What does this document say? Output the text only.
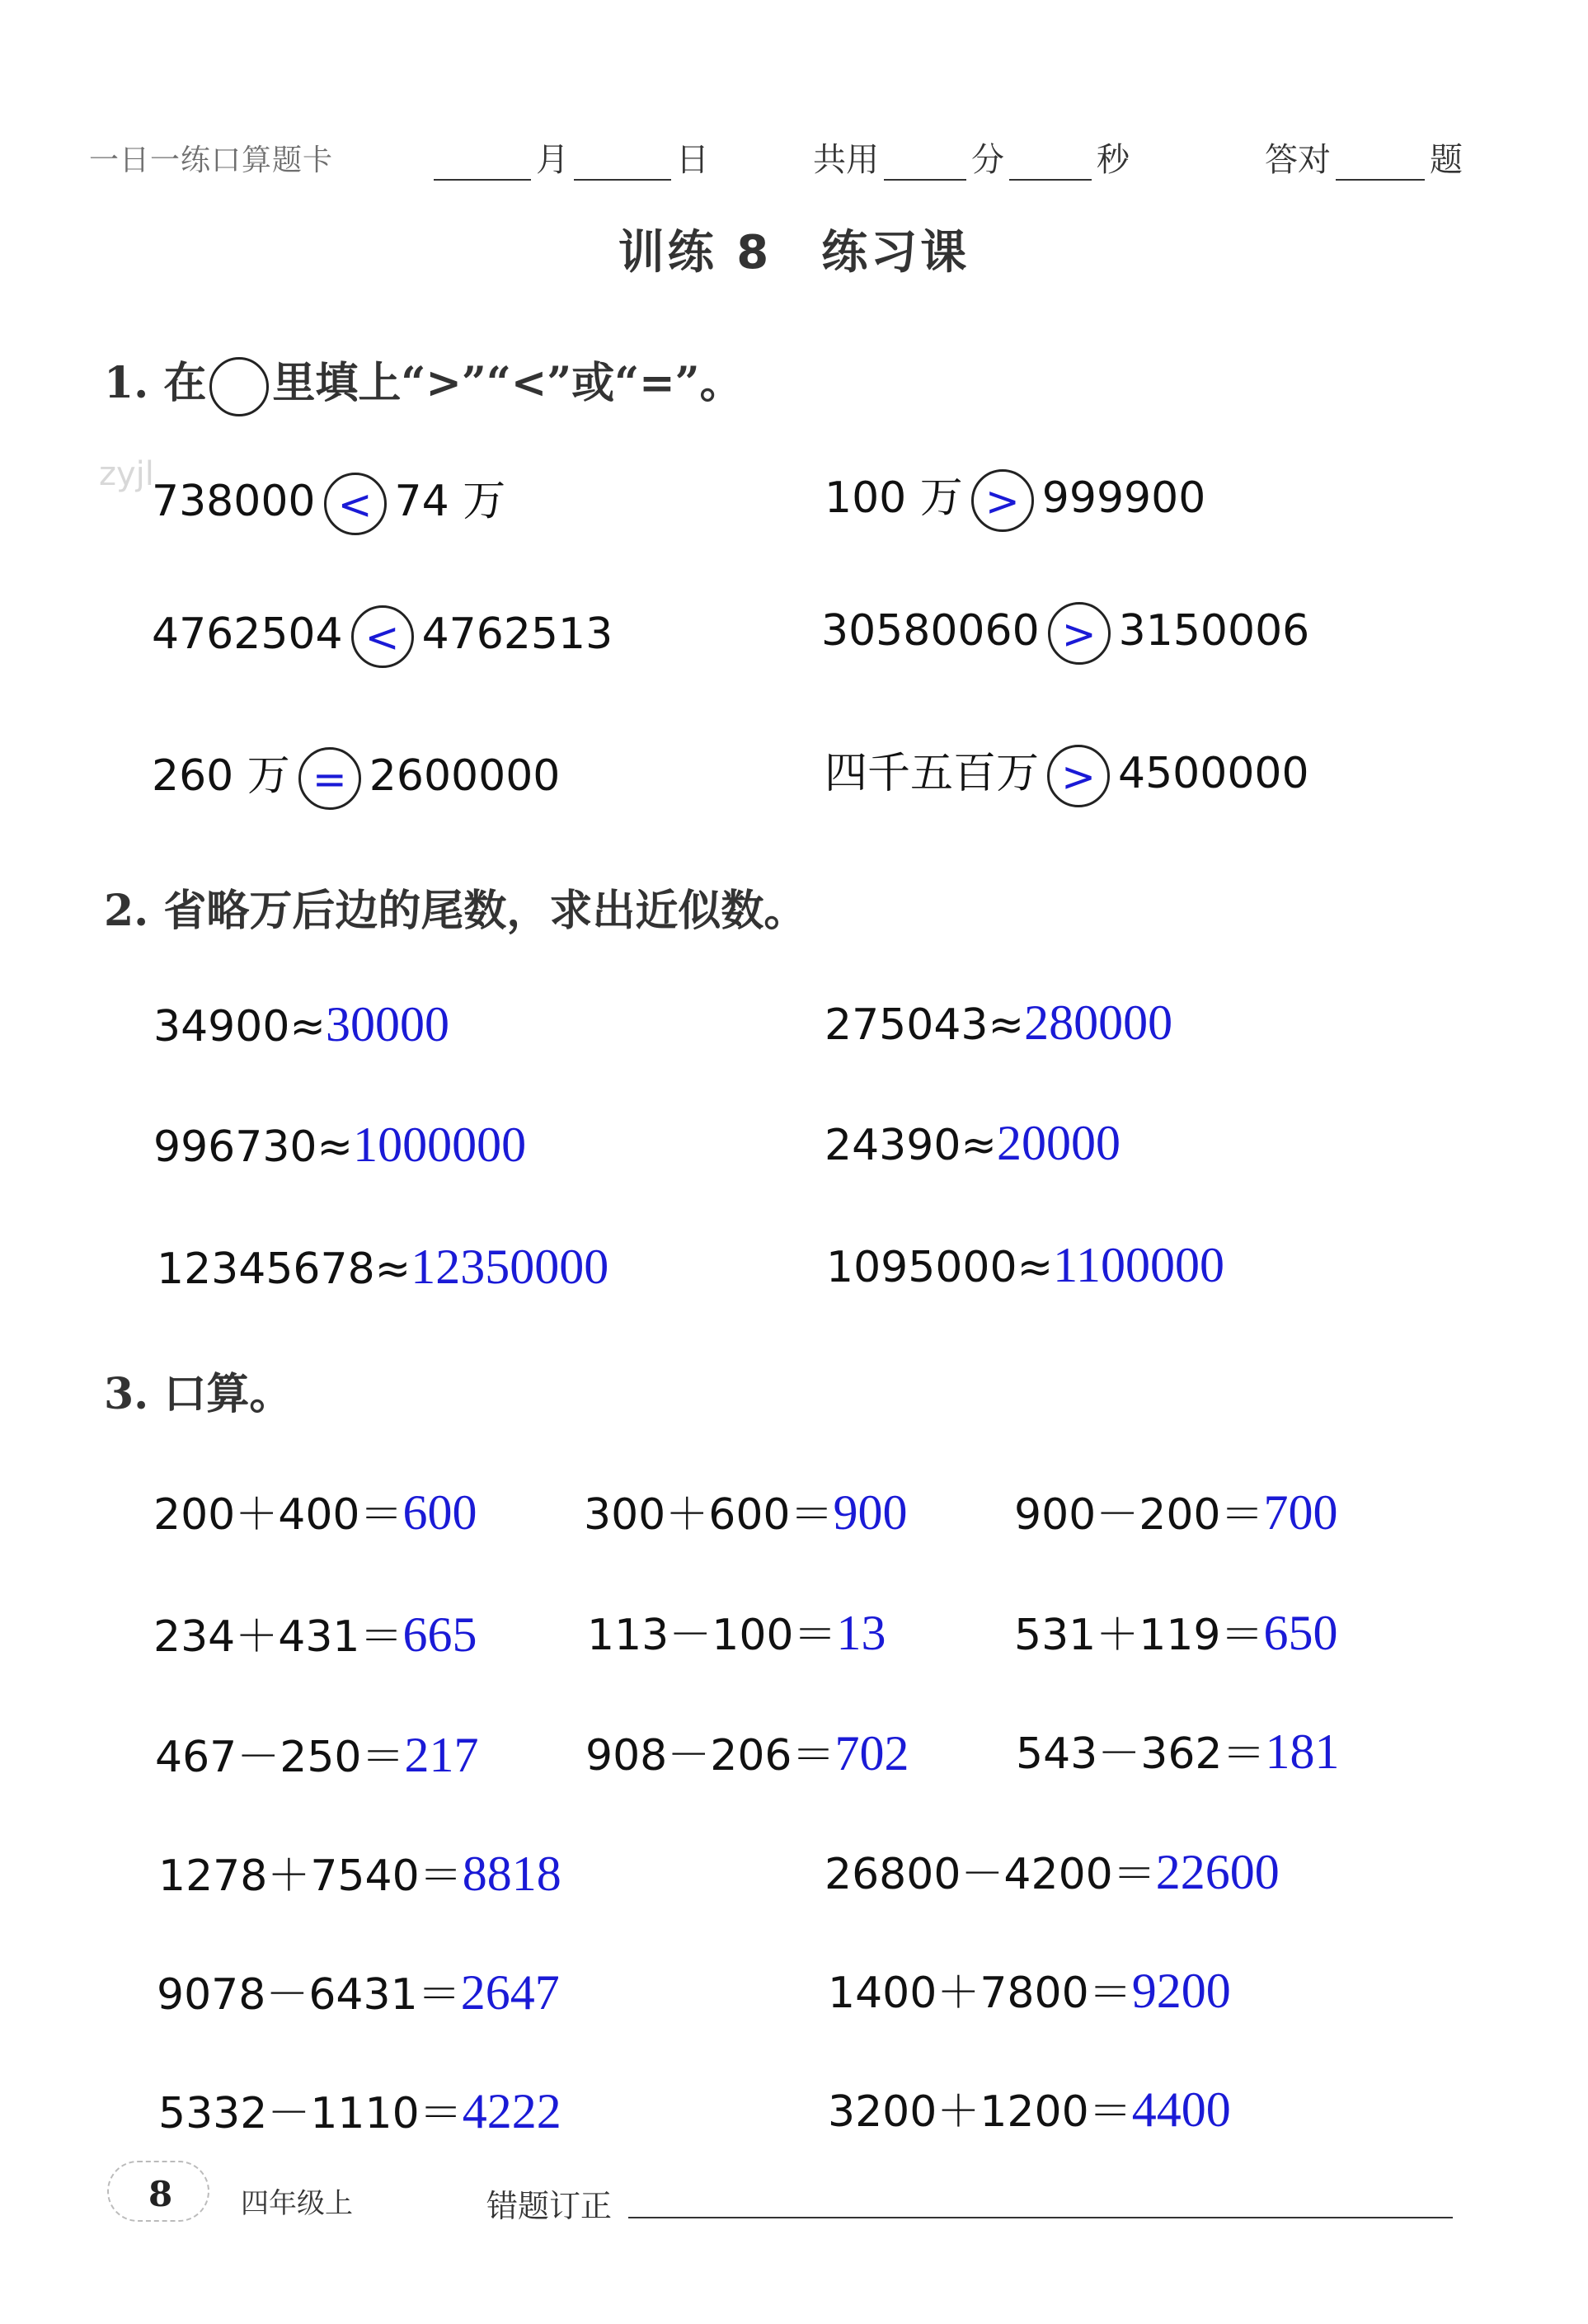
一日一练口算题卡	月	日	共用	分	秒	答对	题
训练 8　练习课
zyjl
1. 在 里填上“>”“<”或“=”。
738000 < 74 万	100 万 > 999900
4762504 < 4762513	30580060 > 3150006
260 万 = 2600000	四千五百万 > 4500000
2. 省略万后边的尾数，求出近似数。
34900≈30000	275043≈280000
996730≈1000000	24390≈20000
12345678≈12350000	1095000≈1100000
3. 口算。
200＋400＝600 300＋600＝900 900－200＝700
234＋431＝665	113－100＝13	531＋119＝650
467－250＝217 908－206＝702 543－362＝181
1278＋7540＝8818	26800－4200＝22600
9078－6431＝2647	1400＋7800＝9200
5332－1110＝4222	3200＋1200＝4400
8 四年级上	错题订正
